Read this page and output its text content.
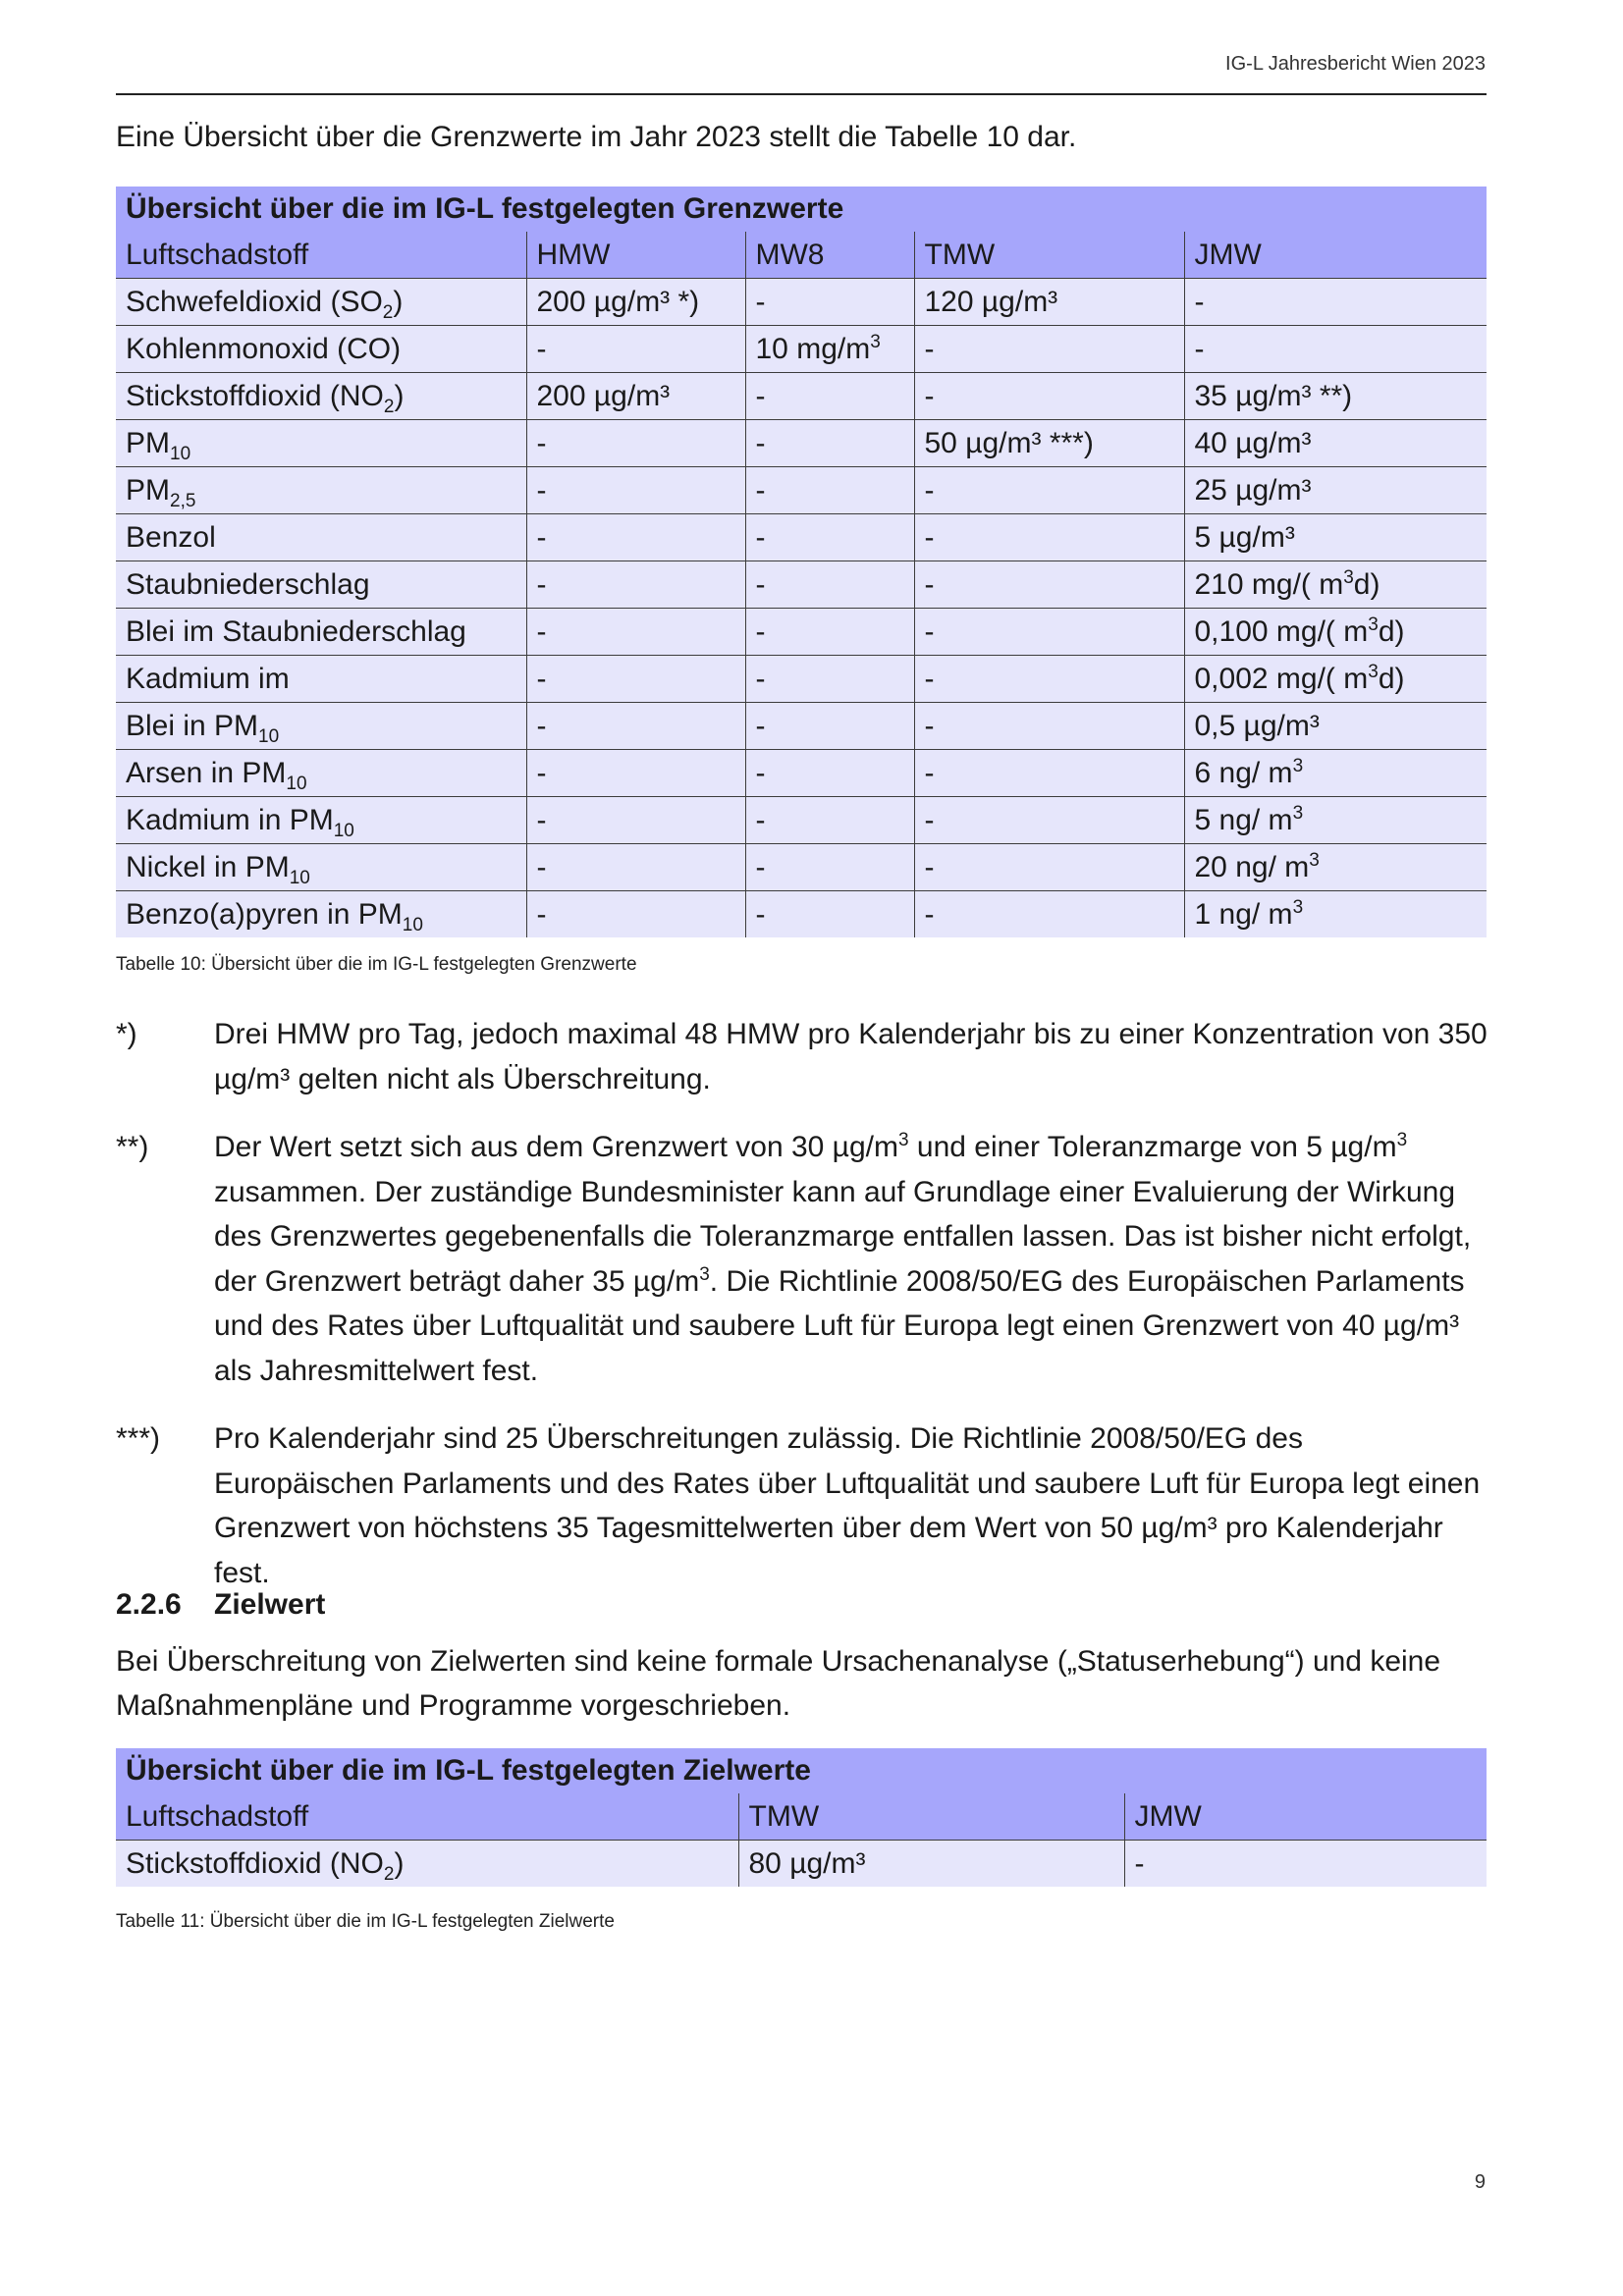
IG-L Jahresbericht Wien 2023
Eine Übersicht über die Grenzwerte im Jahr 2023 stellt die Tabelle 10 dar.
Übersicht über die im IG-L festgelegten Grenzwerte				
Luftschadstoff	HMW	MW8	TMW	JMW
Schwefeldioxid $(SO_2)$	200 µg/m³ *)	-	120 µg/m³	-
Kohlenmonoxid (CO)	-	10 $mg/m^3$	-	-
Stickstoffdioxid $(NO_2)$	200 µg/m³	-	-	35 µg/m³ **)
$PM_{10}$	-	-	50 µg/m³ ***)	40 µg/m³
$PM_{2,5}$	-	-	-	25 µg/m³
Benzol	-	-	-	5 µg/m³
Staubniederschlag	-	-	-	210 mg/( $m^3d$)
Blei im Staubniederschlag	-	-	-	0,100 mg/( $m^3d$)
Kadmium im	-	-	-	0,002 mg/( $m^3d$)
Blei in $PM_{10}$	-	-	-	0,5 µg/m³
Arsen in $PM_{10}$	-	-	-	6 ng/ $m^3$
Kadmium in $PM_{10}$	-	-	-	5 ng/ $m^3$
Nickel in $PM_{10}$	-	-	-	20 ng/ $m^3$
Benzo(a)pyren in $PM_{10}$	-	-	-	1 ng/ $m^3$
Tabelle 10: Übersicht über die im IG-L festgelegten Grenzwerte
*)	Drei HMW pro Tag, jedoch maximal 48 HMW pro Kalenderjahr bis zu einer Konzentration von 350 µg/m³ gelten nicht als Überschreitung.
**) Der Wert setzt sich aus dem Grenzwert von 30 $\mu g/m^3$ und einer Toleranzmarge von 5 $\mu g/m^3$ zusammen. Der zuständige Bundesminister kann auf Grundlage einer Evaluierung der Wirkung des Grenzwertes gegebenenfalls die Toleranzmarge entfallen lassen. Das ist bisher nicht erfolgt, der Grenzwert beträgt daher 35 $\mu g/m^3$. Die Richtlinie 2008/50/EG des Europäischen Parlaments und des Rates über Luftqualität und saubere Luft für Europa legt einen Grenzwert von 40 µg/m³ als Jahresmittelwert fest.
***) Pro Kalenderjahr sind 25 Überschreitungen zulässig. Die Richtlinie 2008/50/EG des Europäischen Parlaments und des Rates über Luftqualität und saubere Luft für Europa legt einen Grenzwert von höchstens 35 Tagesmittelwerten über dem Wert von 50 µg/m³ pro Kalenderjahr fest.
2.2.6 Zielwert
Bei Überschreitung von Zielwerten sind keine formale Ursachenanalyse („Statuserhebung“) und keine Maßnahmenpläne und Programme vorgeschrieben.
Übersicht über die im IG-L festgelegten Zielwerte		
Luftschadstoff	TMW	JMW
Stickstoffdioxid $(NO_2)$	80 µg/m³	-
Tabelle 11: Übersicht über die im IG-L festgelegten Zielwerte
9
